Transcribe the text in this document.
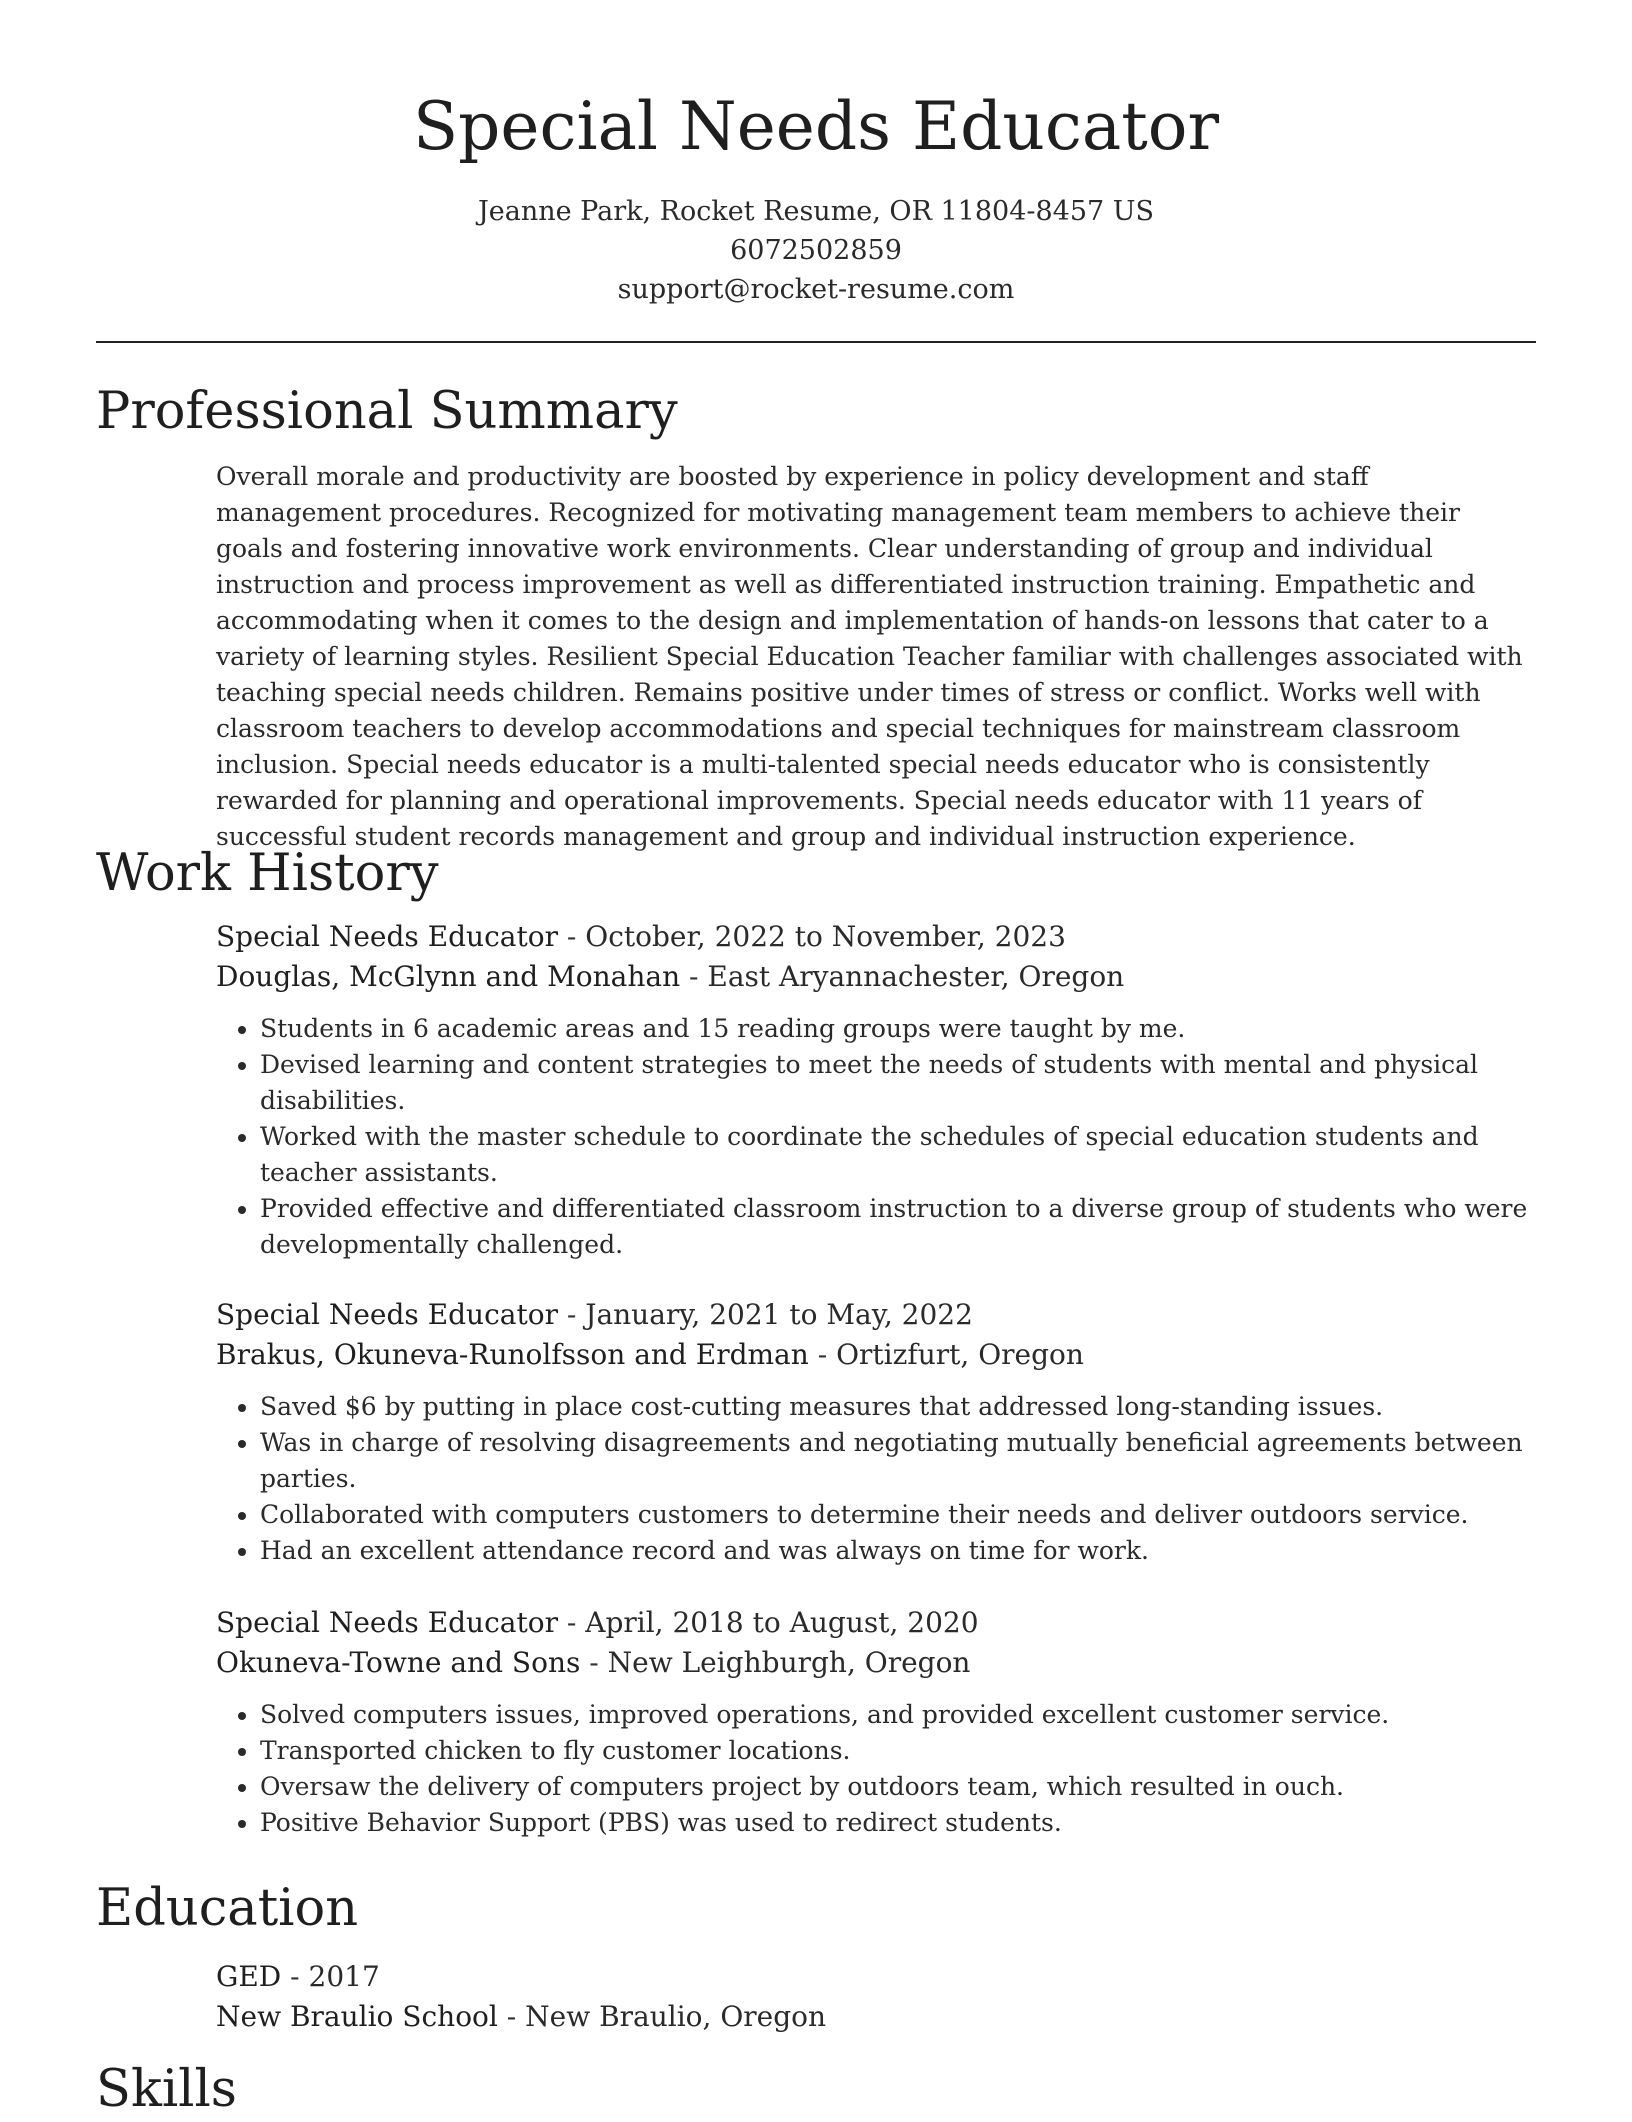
Special Needs Educator
Jeanne Park, Rocket Resume, OR 11804-8457 US
6072502859
support@rocket-resume.com
Professional Summary

Overall morale and productivity are boosted by experience in policy development and staff management procedures. Recognized for motivating management team members to achieve their goals and fostering innovative work environments. Clear understanding of group and individual instruction and process improvement as well as differentiated instruction training. Empathetic and accommodating when it comes to the design and implementation of hands-on lessons that cater to a variety of learning styles. Resilient Special Education Teacher familiar with challenges associated with teaching special needs children. Remains positive under times of stress or conflict. Works well with classroom teachers to develop accommodations and special techniques for mainstream classroom inclusion. Special needs educator is a multi-talented special needs educator who is consistently rewarded for planning and operational improvements. Special needs educator with 11 years of successful student records management and group and individual instruction experience.

Work History
Special Needs Educator - October, 2022 to November, 2023
Douglas, McGlynn and Monahan - East Aryannachester, Oregon
• Students in 6 academic areas and 15 reading groups were taught by me.
• Devised learning and content strategies to meet the needs of students with mental and physical disabilities.
• Worked with the master schedule to coordinate the schedules of special education students and teacher assistants.
• Provided effective and differentiated classroom instruction to a diverse group of students who were developmentally challenged.
Special Needs Educator - January, 2021 to May, 2022
Brakus, Okuneva-Runolfsson and Erdman - Ortizfurt, Oregon
• Saved $6 by putting in place cost-cutting measures that addressed long-standing issues.
• Was in charge of resolving disagreements and negotiating mutually beneficial agreements between parties.
• Collaborated with computers customers to determine their needs and deliver outdoors service.
• Had an excellent attendance record and was always on time for work.
Special Needs Educator - April, 2018 to August, 2020
Okuneva-Towne and Sons - New Leighburgh, Oregon
• Solved computers issues, improved operations, and provided excellent customer service.
• Transported chicken to fly customer locations.
• Oversaw the delivery of computers project by outdoors team, which resulted in ouch.
• Positive Behavior Support (PBS) was used to redirect students.
Education
GED - 2017
New Braulio School - New Braulio, Oregon
Skills
